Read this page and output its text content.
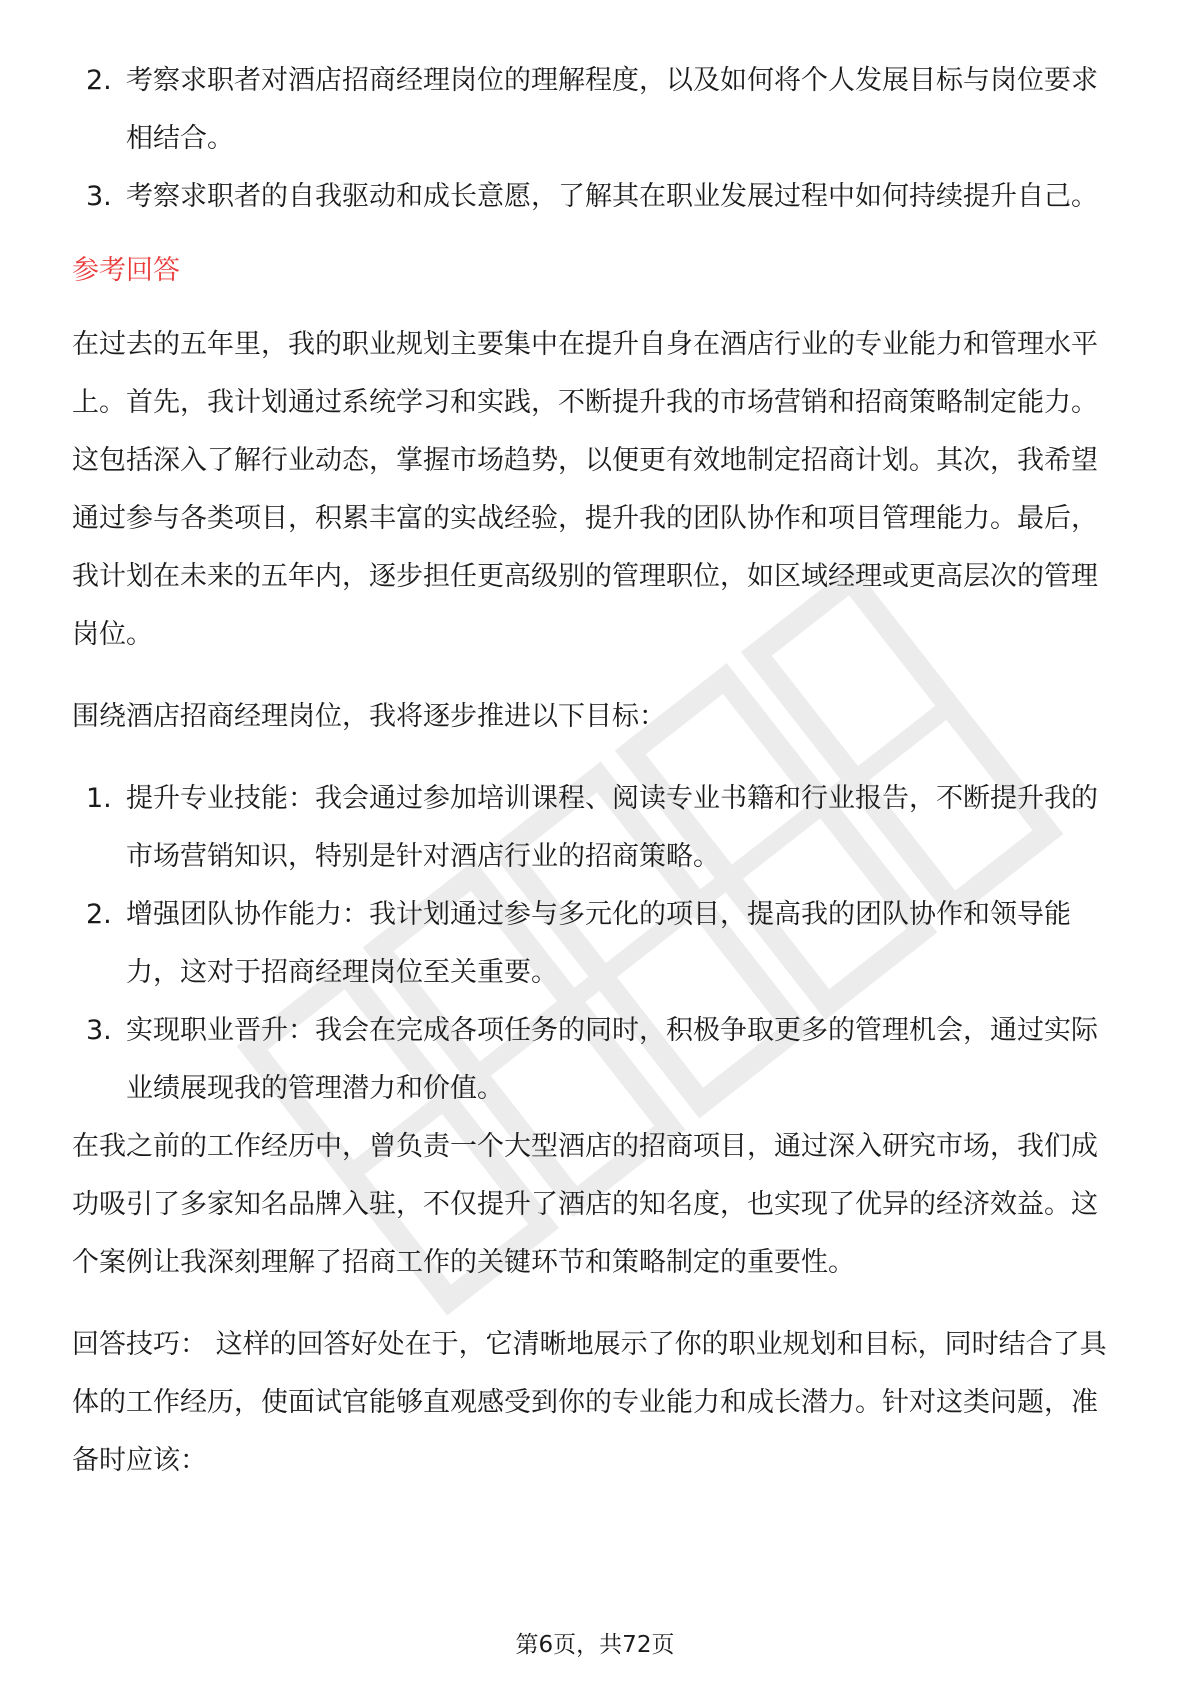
2. 考察求职者对酒店招商经理岗位的理解程度，以及如何将个人发展目标与岗位要求相结合。
3. 考察求职者的自我驱动和成长意愿，了解其在职业发展过程中如何持续提升自己。
参考回答

在过去的五年里，我的职业规划主要集中在提升自身在酒店行业的专业能力和管理水平上。首先，我计划通过系统学习和实践，不断提升我的市场营销和招商策略制定能力。这包括深入了解行业动态，掌握市场趋势，以便更有效地制定招商计划。其次，我希望通过参与各类项目，积累丰富的实战经验，提升我的团队协作和项目管理能力。最后，我计划在未来的五年内，逐步担任更高级别的管理职位，如区域经理或更高层次的管理岗位。

围绕酒店招商经理岗位，我将逐步推进以下目标：

1. 提升专业技能：我会通过参加培训课程、阅读专业书籍和行业报告，不断提升我的市场营销知识，特别是针对酒店行业的招商策略。
2. 增强团队协作能力：我计划通过参与多元化的项目，提高我的团队协作和领导能力，这对于招商经理岗位至关重要。
3. 实现职业晋升：我会在完成各项任务的同时，积极争取更多的管理机会，通过实际业绩展现我的管理潜力和价值。

在我之前的工作经历中，曾负责一个大型酒店的招商项目，通过深入研究市场，我们成功吸引了多家知名品牌入驻，不仅提升了酒店的知名度，也实现了优异的经济效益。这个案例让我深刻理解了招商工作的关键环节和策略制定的重要性。

回答技巧： 这样的回答好处在于，它清晰地展示了你的职业规划和目标，同时结合了具体的工作经历，使面试官能够直观感受到你的专业能力和成长潜力。针对这类问题，准备时应该：

第6页，共72页
